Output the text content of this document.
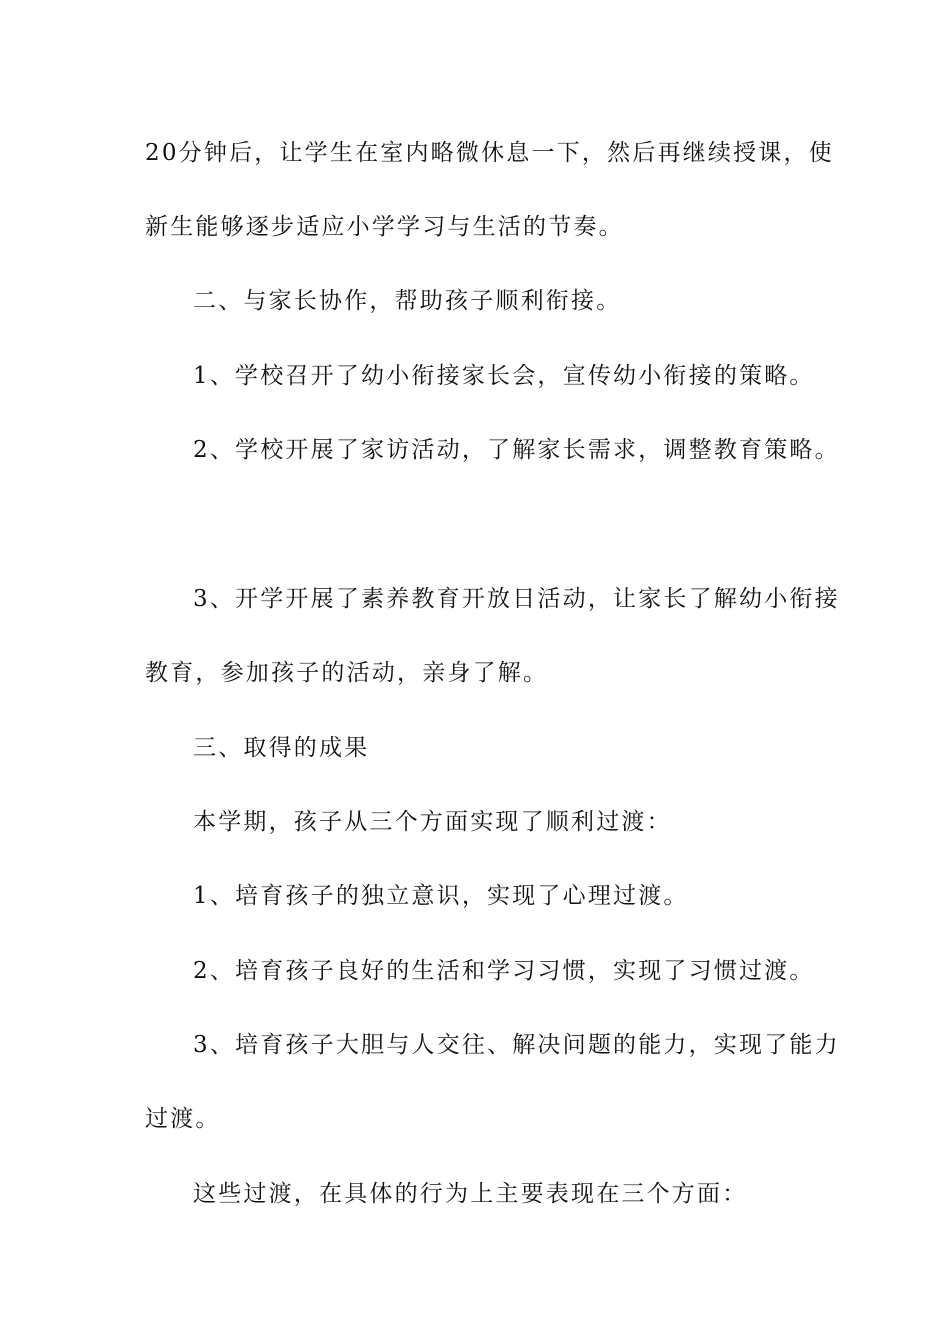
20分钟后，让学生在室内略微休息一下，然后再继续授课，使
新生能够逐步适应小学学习与生活的节奏。
二、与家长协作，帮助孩子顺利衔接。
1、学校召开了幼小衔接家长会，宣传幼小衔接的策略。
2、学校开展了家访活动，了解家长需求，调整教育策略。
3、开学开展了素养教育开放日活动，让家长了解幼小衔接
教育，参加孩子的活动，亲身了解。
三、取得的成果
本学期，孩子从三个方面实现了顺利过渡：
1、培育孩子的独立意识，实现了心理过渡。
2、培育孩子良好的生活和学习习惯，实现了习惯过渡。
3、培育孩子大胆与人交往、解决问题的能力，实现了能力
过渡。
这些过渡，在具体的行为上主要表现在三个方面：
